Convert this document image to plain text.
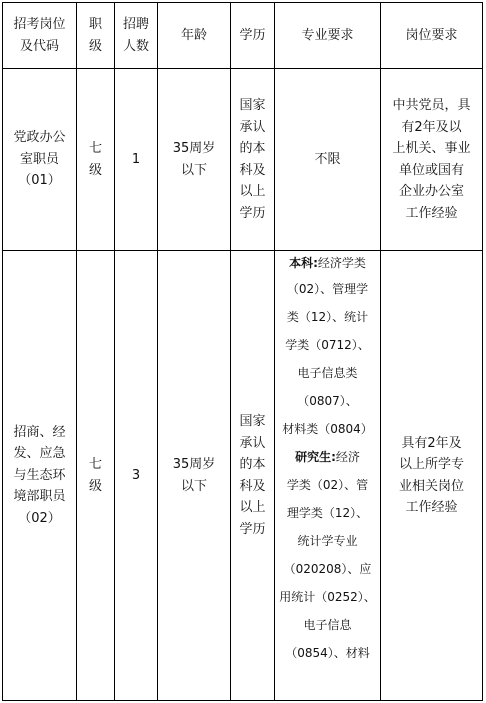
招考岗位
及代码
职
级
招聘
人数
年龄 学历	专业要求	岗位要求
党政办公
室职员
（01）
七
级
1
35周岁
以下
国家
承认
的本
科及
以上
学历
不限
中共党员，具
有2年及以
上机关、事业
单位或国有
企业办公室
工作经验
招商、经
发、应急
与生态环
境部职员
（02）
七
级
3
35周岁
以下
国家
承认
的本
科及
以上
学历
本科:经济学类
（02）、管理学
类（12）、统计
学类（0712）、
电子信息类
（0807）、
材料类（0804）
研究生:经济
学类（02）、管
理学类（12）、
统计学专业
（020208）、应
用统计（0252）、
电子信息
（0854）、材料
具有2年及
以上所学专
业相关岗位
工作经验
